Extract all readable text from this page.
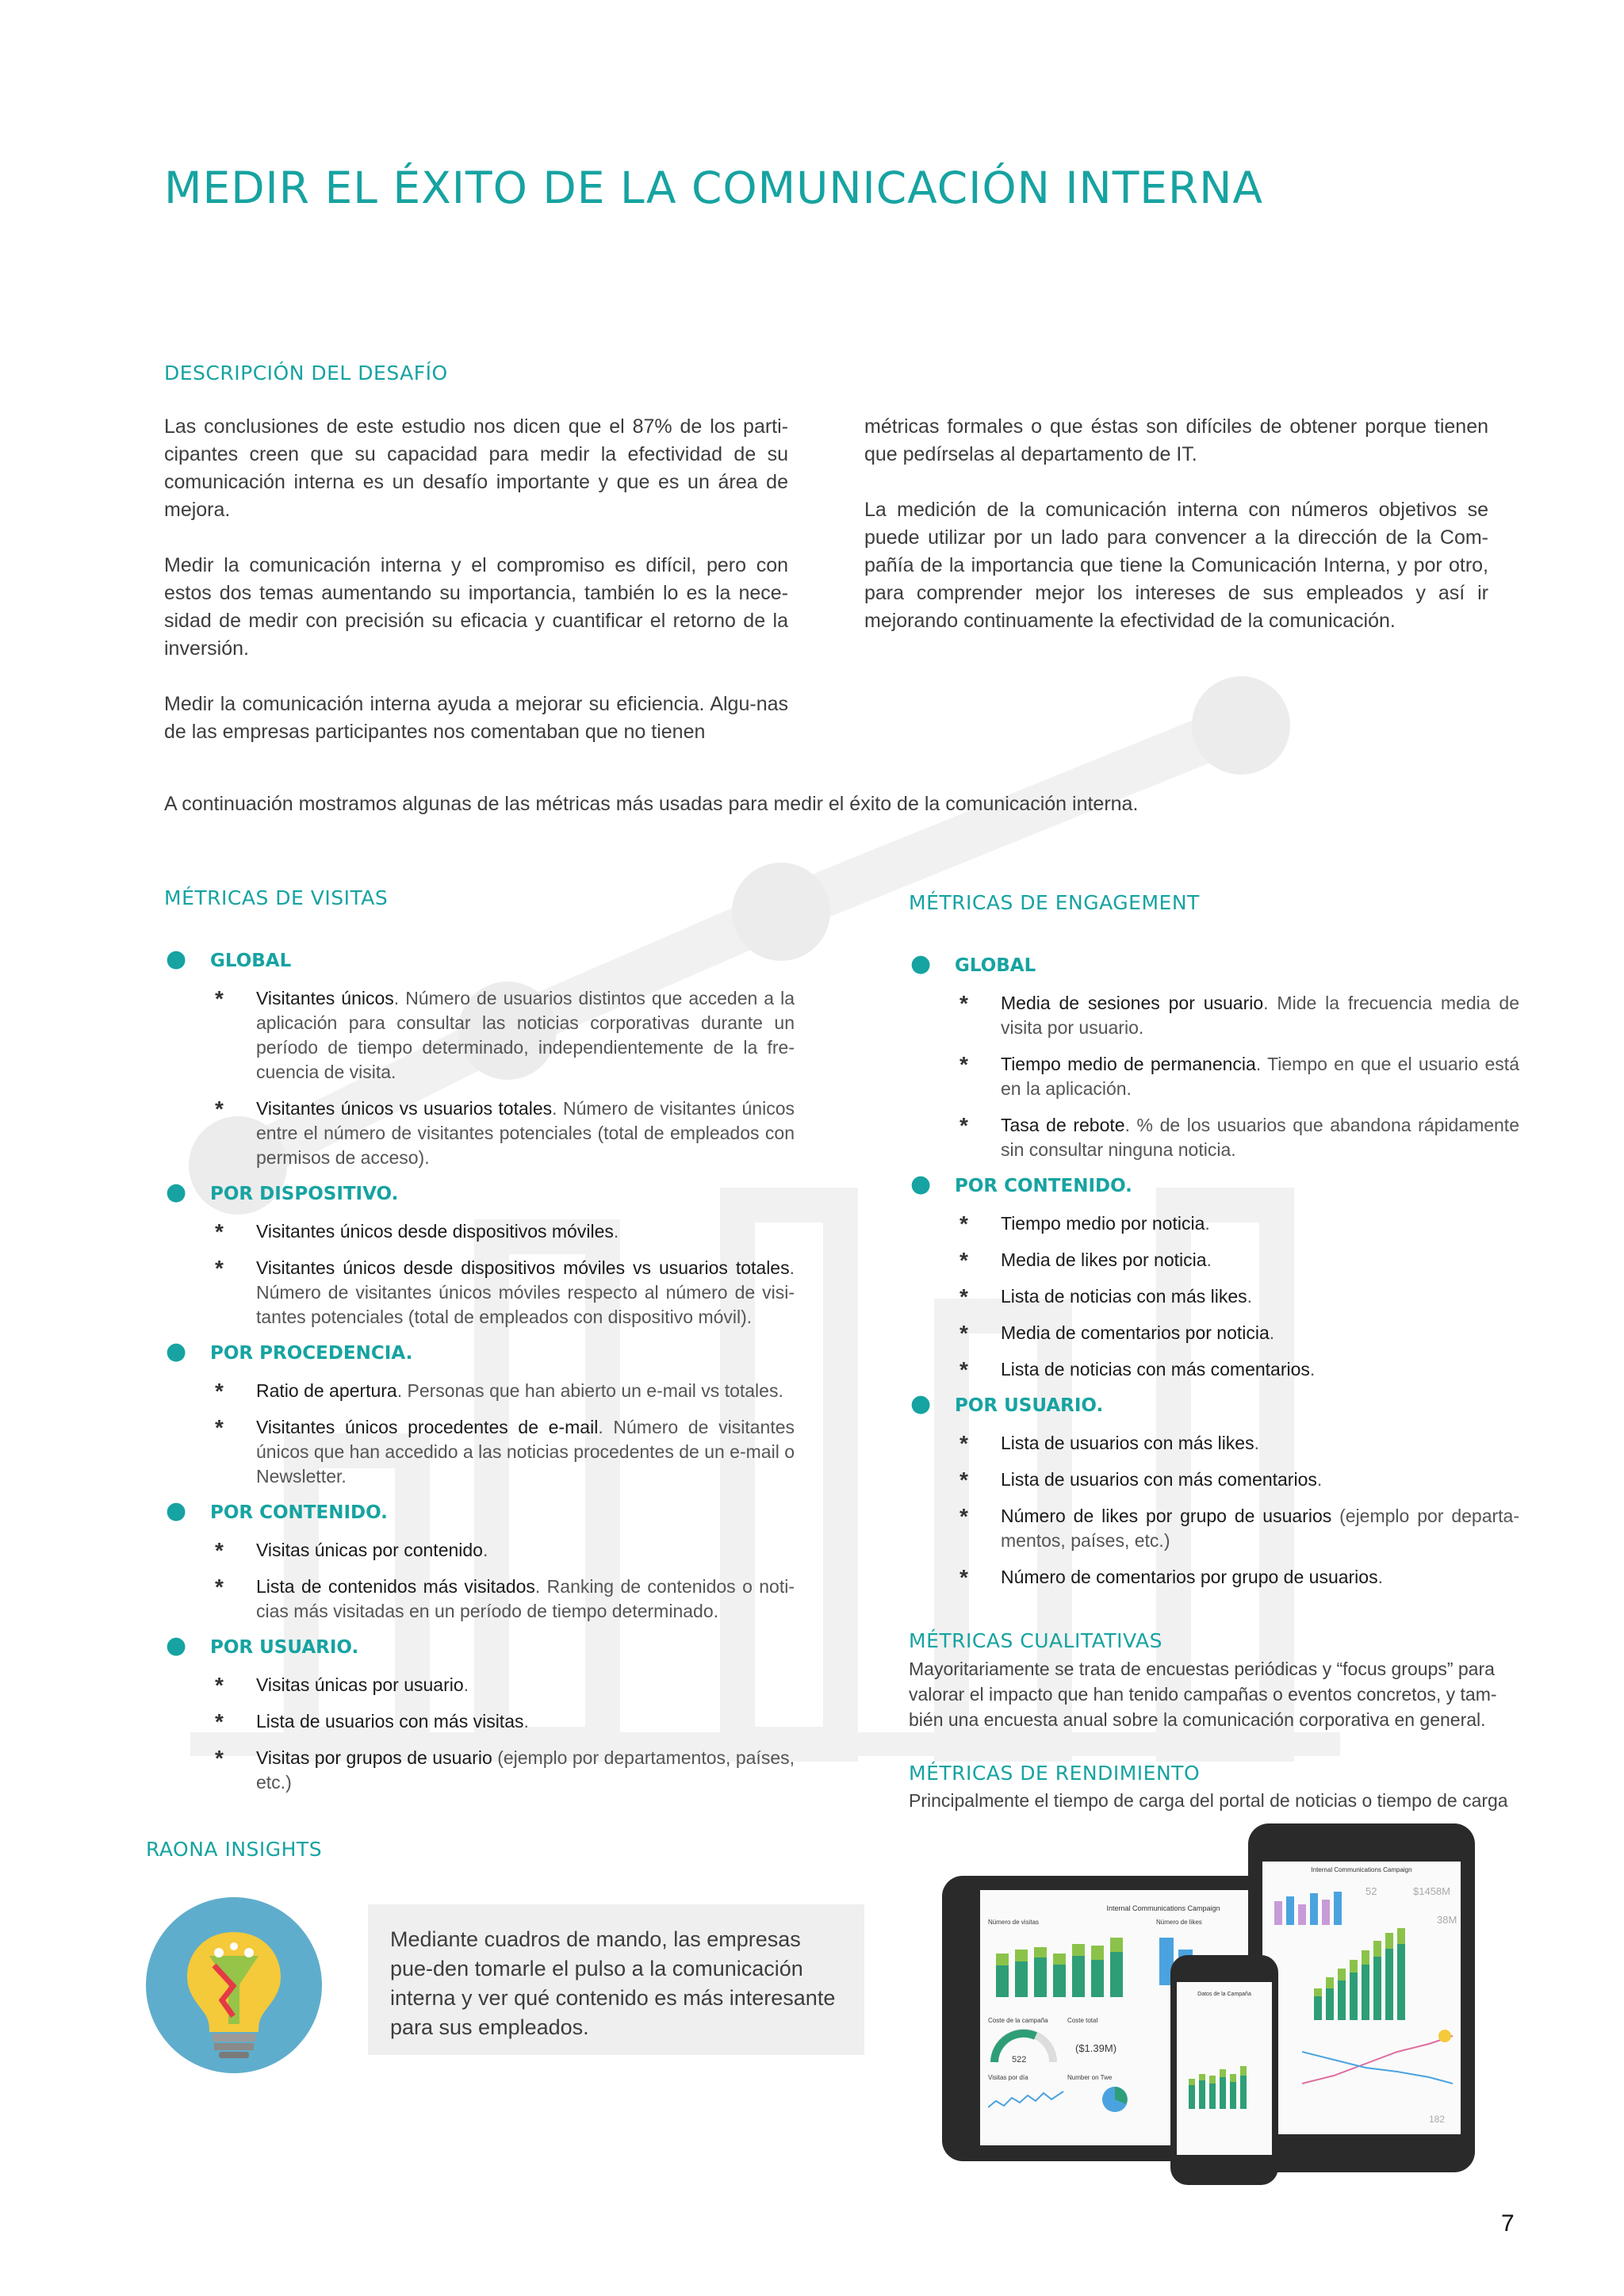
MEDIR EL ÉXITO DE LA COMUNICACIÓN INTERNA
DESCRIPCIÓN DEL DESAFÍO

Las conclusiones de este estudio nos dicen que el 87% de los parti-cipantes creen que su capacidad para medir la efectividad de su comunicación interna es un desafío importante y que es un área de mejora.

Medir la comunicación interna y el compromiso es difícil, pero con estos dos temas aumentando su importancia, también lo es la nece-sidad de medir con precisión su eficacia y cuantificar el retorno de la inversión.

Medir la comunicación interna ayuda a mejorar su eficiencia. Algu-nas de las empresas participantes nos comentaban que no tienen

métricas formales o que éstas son difíciles de obtener porque tienen que pedírselas al departamento de IT.

La medición de la comunicación interna con números objetivos se puede utilizar por un lado para convencer a la dirección de la Com-pañía de la importancia que tiene la Comunicación Interna, y por otro, para comprender mejor los intereses de sus empleados y así ir mejorando continuamente la efectividad de la comunicación.

A continuación mostramos algunas de las métricas más usadas para medir el éxito de la comunicación interna.
MÉTRICAS DE VISITAS
● GLOBAL
* Visitantes únicos. Número de usuarios distintos que acceden a la aplicación para consultar las noticias corporativas durante un período de tiempo determinado, independientemente de la fre-cuencia de visita.
* Visitantes únicos vs usuarios totales. Número de visitantes únicos entre el número de visitantes potenciales (total de empleados con permisos de acceso).
● POR DISPOSITIVO.
* Visitantes únicos desde dispositivos móviles.
* Visitantes únicos desde dispositivos móviles vs usuarios totales. Número de visitantes únicos móviles respecto al número de visi-tantes potenciales (total de empleados con dispositivo móvil).
● POR PROCEDENCIA.
* Ratio de apertura. Personas que han abierto un e-mail vs totales.
* Visitantes únicos procedentes de e-mail. Número de visitantes únicos que han accedido a las noticias procedentes de un e-mail o Newsletter.
● POR CONTENIDO.
* Visitas únicas por contenido.
* Lista de contenidos más visitados. Ranking de contenidos o noti-cias más visitadas en un período de tiempo determinado.
● POR USUARIO.
* Visitas únicas por usuario.
* Lista de usuarios con más visitas.
* Visitas por grupos de usuario (ejemplo por departamentos, países, etc.)
MÉTRICAS DE ENGAGEMENT
● GLOBAL
* Media de sesiones por usuario. Mide la frecuencia media de visita por usuario.
* Tiempo medio de permanencia. Tiempo en que el usuario está en la aplicación.
* Tasa de rebote. % de los usuarios que abandona rápidamente sin consultar ninguna noticia.
● POR CONTENIDO.
* Tiempo medio por noticia.
* Media de likes por noticia.
* Lista de noticias con más likes.
* Media de comentarios por noticia.
* Lista de noticias con más comentarios.
● POR USUARIO.
* Lista de usuarios con más likes.
* Lista de usuarios con más comentarios.
* Número de likes por grupo de usuarios (ejemplo por departa-mentos, países, etc.)
* Número de comentarios por grupo de usuarios.
MÉTRICAS CUALITATIVAS
Mayoritariamente se trata de encuestas periódicas y “focus groups” para valorar el impacto que han tenido campañas o eventos concretos, y tam-bién una encuesta anual sobre la comunicación corporativa en general.
MÉTRICAS DE RENDIMIENTO
Principalmente el tiempo de carga del portal de noticias o tiempo de carga
RAONA INSIGHTS
Mediante cuadros de mando, las empresas pue-den tomarle el pulso a la comunicación interna y ver qué contenido es más interesante para sus empleados.
Internal Communications Campaign
Número de visitas	Número de likes
Coste de la campaña	Coste total
522
($1.39M)
Visitas por día	Number on Twe
Internal Communications Campaign
52	$1458M
38M
182
Datos de la Campaña
7
